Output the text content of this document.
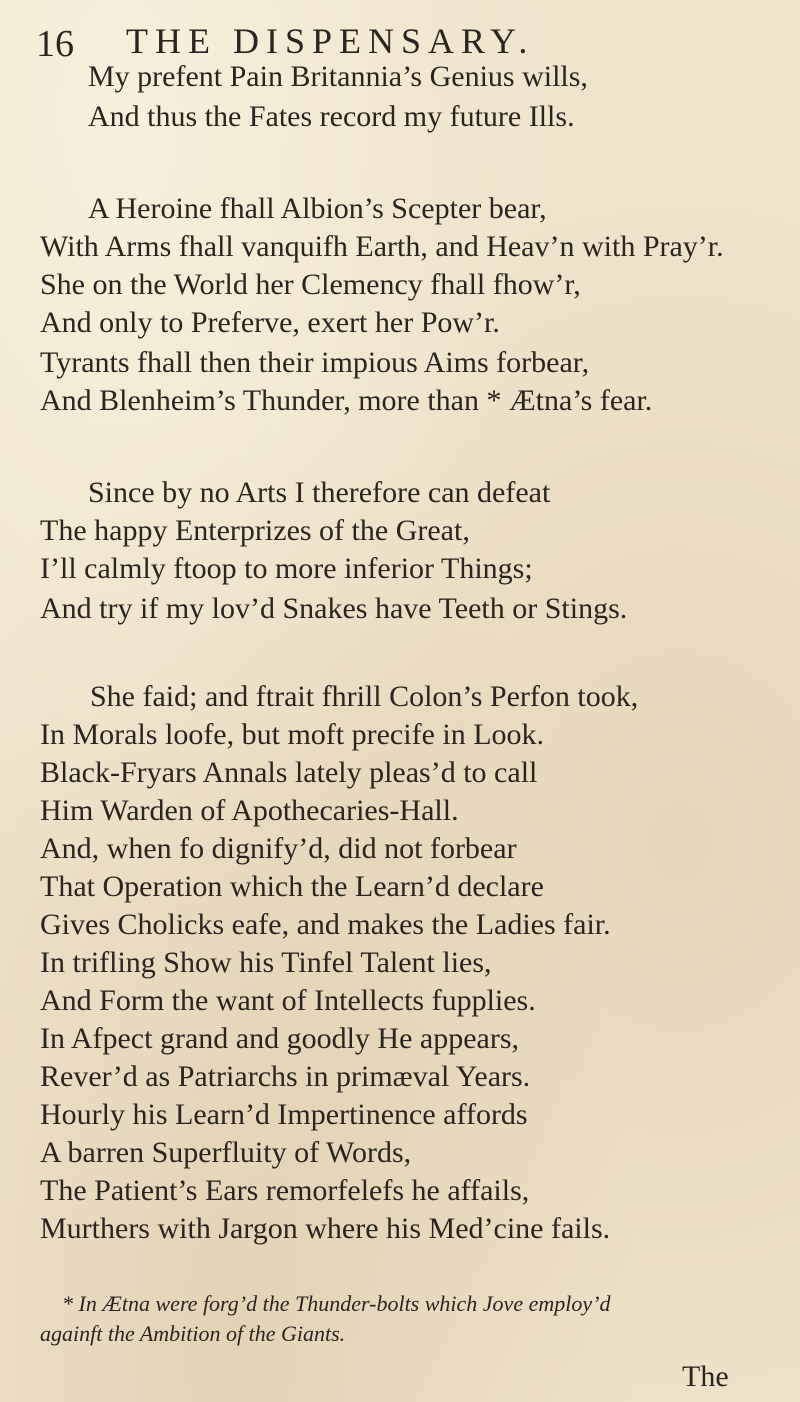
16 THE DISPENSARY.
My prefent Pain Britannia’s Genius wills,
And thus the Fates record my future Ills.
A Heroine fhall Albion’s Scepter bear,
With Arms fhall vanquifh Earth, and Heav’n with Pray’r.
She on the World her Clemency fhall fhow’r,
And only to Preferve, exert her Pow’r.
Tyrants fhall then their impious Aims forbear,
And Blenheim’s Thunder, more than * Ætna’s fear.
Since by no Arts I therefore can defeat
The happy Enterprizes of the Great,
I’ll calmly ftoop to more inferior Things;
And try if my lov’d Snakes have Teeth or Stings.
She faid; and ftrait fhrill Colon’s Perfon took,
In Morals loofe, but moft precife in Look.
Black-Fryars Annals lately pleas’d to call
Him Warden of Apothecaries-Hall.
And, when fo dignify’d, did not forbear
That Operation which the Learn’d declare
Gives Cholicks eafe, and makes the Ladies fair.
In trifling Show his Tinfel Talent lies,
And Form the want of Intellects fupplies.
In Afpect grand and goodly He appears,
Rever’d as Patriarchs in primæval Years.
Hourly his Learn’d Impertinence affords
A barren Superfluity of Words,
The Patient’s Ears remorfelefs he affails,
Murthers with Jargon where his Med’cine fails.
* In Ætna were forg’d the Thunder-bolts which Jove employ’d
againft the Ambition of the Giants.
The
